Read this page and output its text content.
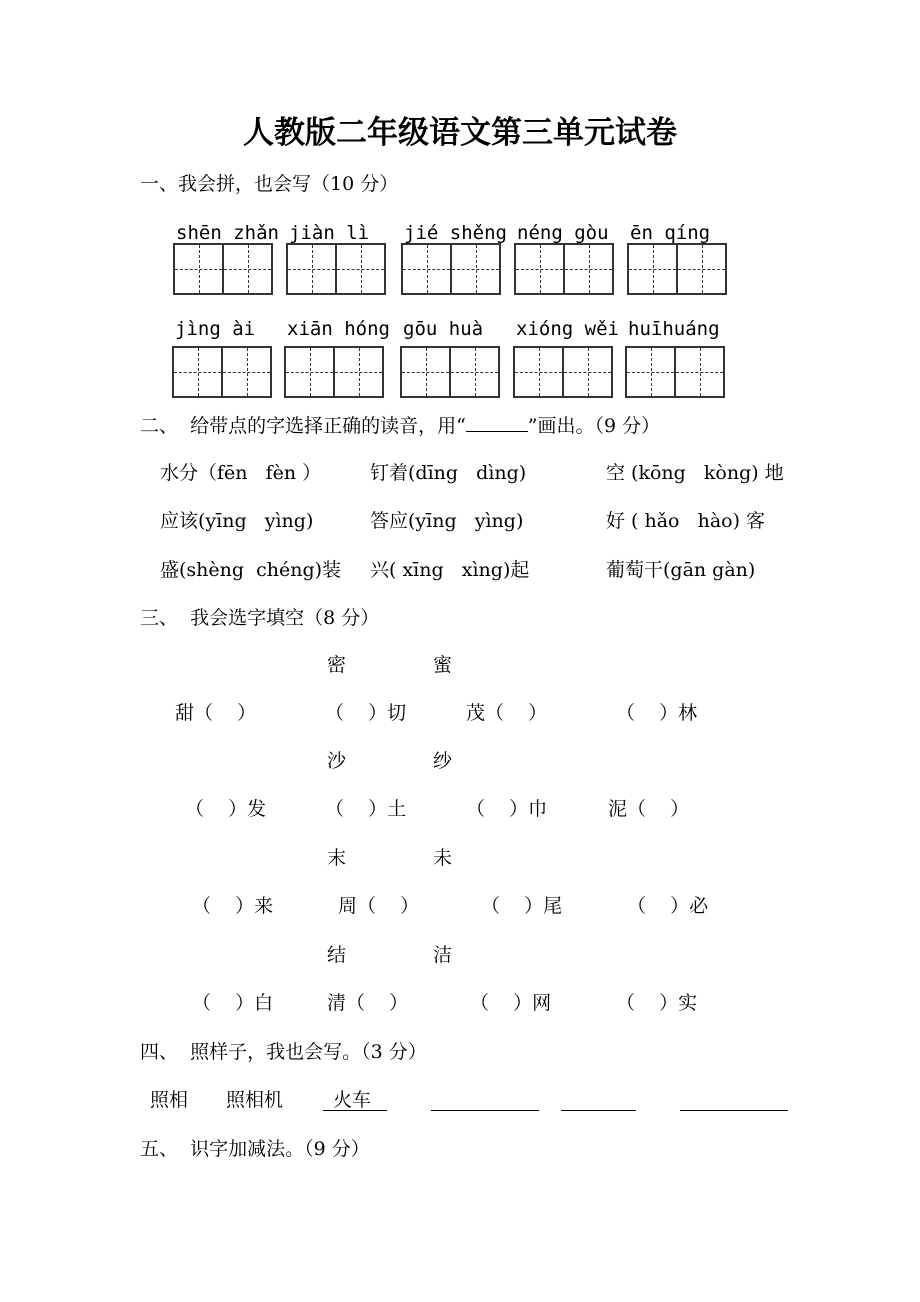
人教版二年级语文第三单元试卷
一、我会拼，也会写（10 分）
shēn zhǎn jiàn lì jié shěng néng gòu ēn qíng
jìng ài xiān hóng gōu huà xióng wěi huīhuáng
二、  给带点的字选择正确的读音，用“	”画出。（9 分）
水分（fēn   fèn ）	钉着(dīng   dìng)	空 (kōng   kòng) 地
应该(yīng   yìng)	答应(yīng   yìng)	好 ( hǎo   hào) 客
盛(shèng  chéng)装 兴( xīng   xìng)起	葡萄干(gān gàn)
三、  我会选字填空（8 分）
密	蜜
甜（    ）	（    ）切	茂（    ）	（    ）林
沙	纱
（    ）发	（    ）土	（    ）巾	泥（    ）
末	未
（    ）来	周（    ）	（    ）尾	（    ）必
结	洁
（    ）白	清（    ）	（    ）网	（    ）实
四、  照样子，我也会写。（3 分）
照相 照相机	火车
五、  识字加减法。（9 分）
